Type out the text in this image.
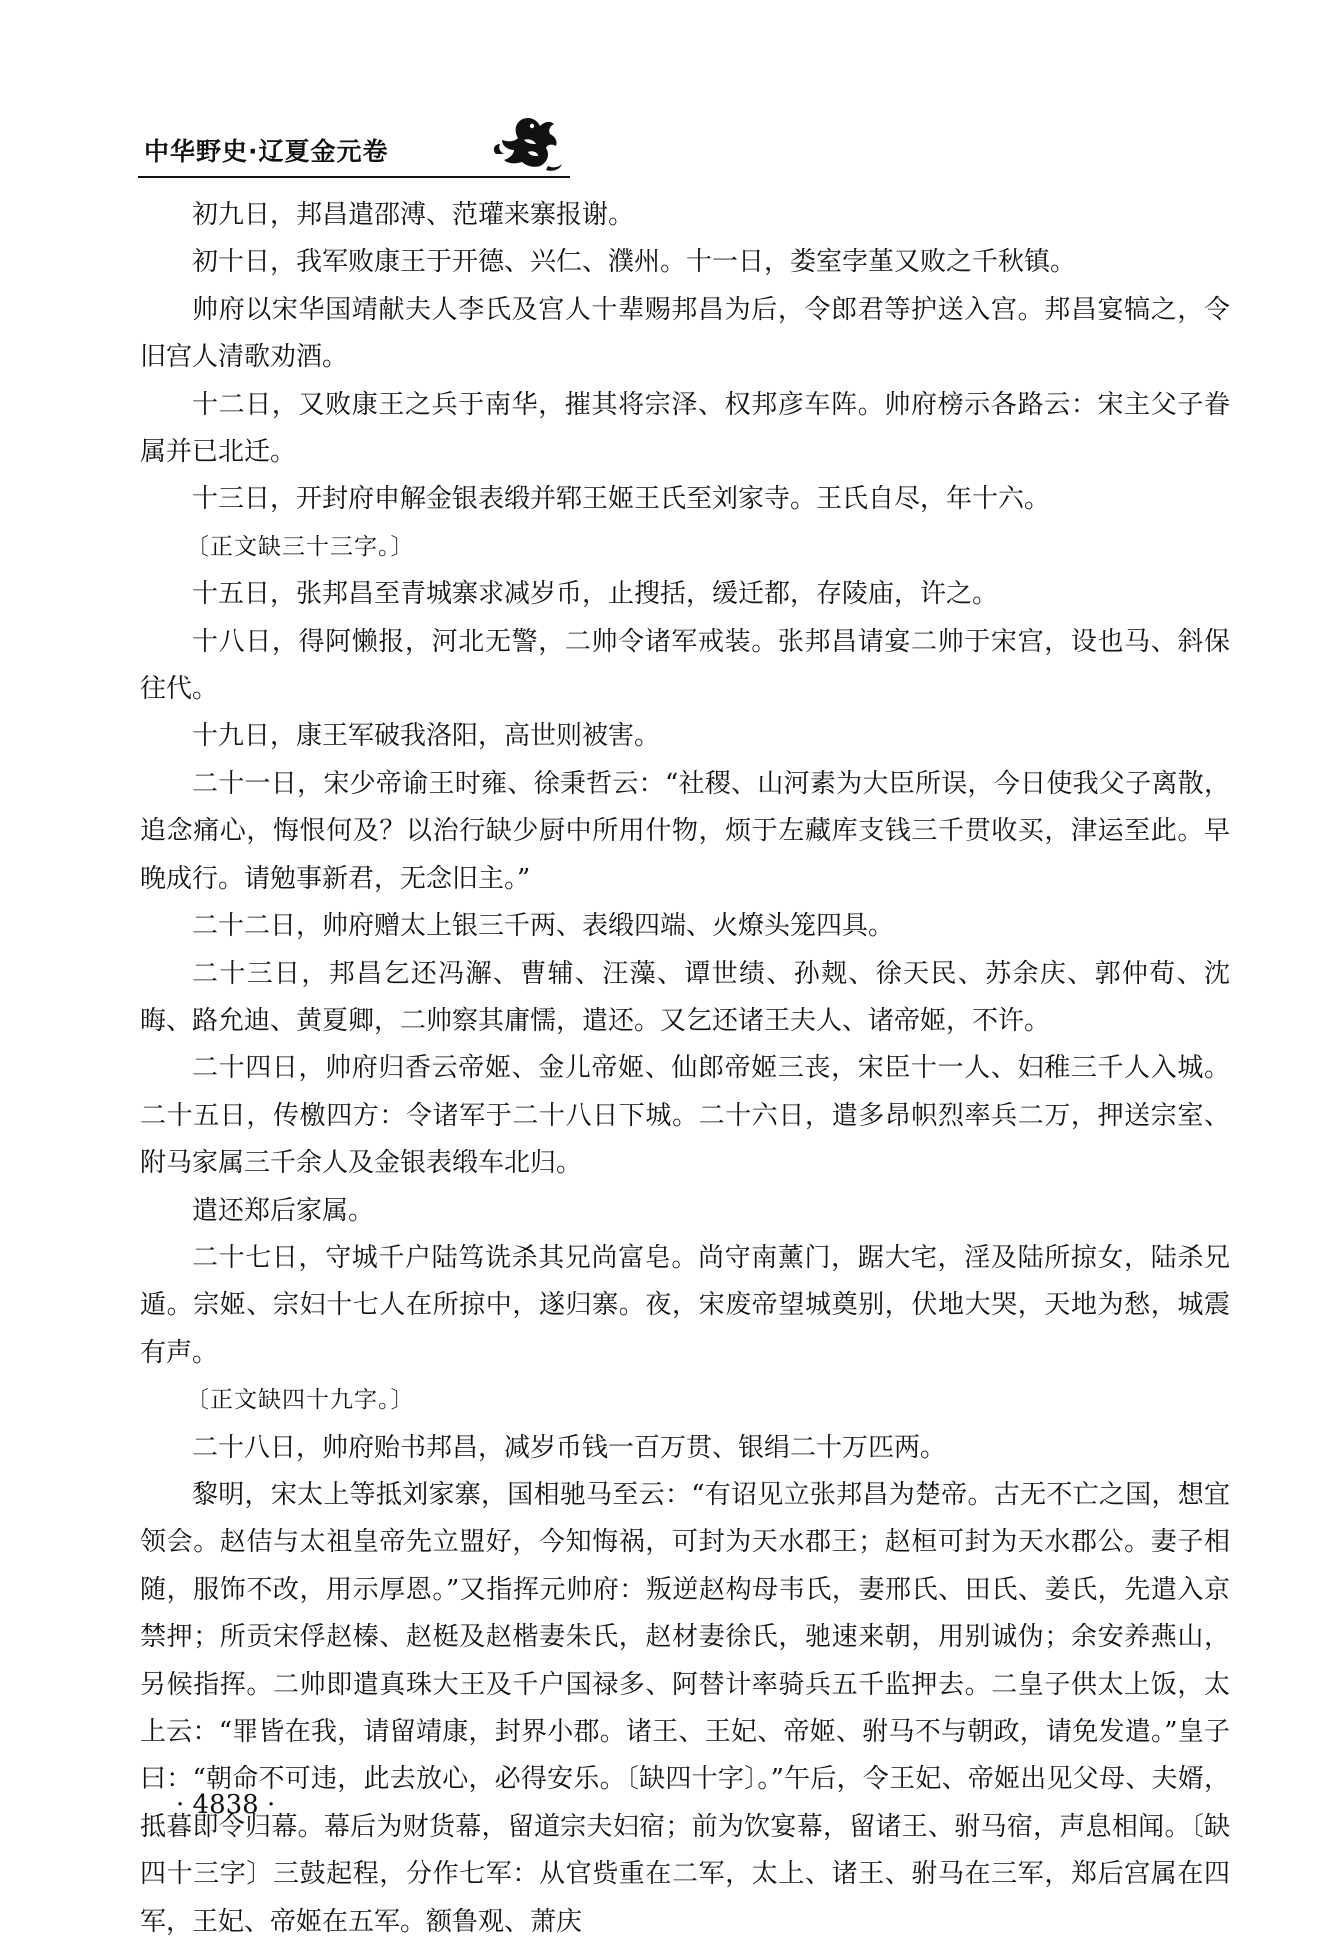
中华野史·辽夏金元卷

初九日，邦昌遣邵溥、范瓘来寨报谢。

初十日，我军败康王于开德、兴仁、濮州。十一日，娄室孛堇又败之千秋镇。

帅府以宋华国靖献夫人李氏及宫人十辈赐邦昌为后，令郎君等护送入宫。邦昌宴犒之，令旧宫人清歌劝酒。

十二日，又败康王之兵于南华，摧其将宗泽、权邦彦车阵。帅府榜示各路云：宋主父子眷属并已北迁。

十三日，开封府申解金银表缎并郓王姬王氏至刘家寺。王氏自尽，年十六。

〔正文缺三十三字。〕

十五日，张邦昌至青城寨求减岁币，止搜括，缓迁都，存陵庙，许之。

十八日，得阿懒报，河北无警，二帅令诸军戒装。张邦昌请宴二帅于宋宫，设也马、斜保往代。

十九日，康王军破我洛阳，高世则被害。

二十一日，宋少帝谕王时雍、徐秉哲云：“社稷、山河素为大臣所误，今日使我父子离散，追念痛心，悔恨何及？以治行缺少厨中所用什物，烦于左藏库支钱三千贯收买，津运至此。早晚成行。请勉事新君，无念旧主。”

二十二日，帅府赠太上银三千两、表缎四端、火燎头笼四具。

二十三日，邦昌乞还冯澥、曹辅、汪藻、谭世绩、孙觌、徐天民、苏余庆、郭仲荀、沈晦、路允迪、黄夏卿，二帅察其庸懦，遣还。又乞还诸王夫人、诸帝姬，不许。

二十四日，帅府归香云帝姬、金儿帝姬、仙郎帝姬三丧，宋臣十一人、妇稚三千人入城。二十五日，传檄四方：令诸军于二十八日下城。二十六日，遣多昂帜烈率兵二万，押送宗室、附马家属三千余人及金银表缎车北归。

遣还郑后家属。

二十七日，守城千户陆笃诜杀其兄尚富皂。尚守南薰门，踞大宅，淫及陆所掠女，陆杀兄遁。宗姬、宗妇十七人在所掠中，遂归寨。夜，宋废帝望城奠别，伏地大哭，天地为愁，城震有声。

〔正文缺四十九字。〕

二十八日，帅府贻书邦昌，减岁币钱一百万贯、银绢二十万匹两。

黎明，宋太上等抵刘家寨，国相驰马至云：“有诏见立张邦昌为楚帝。古无不亡之国，想宜领会。赵佶与太祖皇帝先立盟好，今知悔祸，可封为天水郡王；赵桓可封为天水郡公。妻子相随，服饰不改，用示厚恩。”又指挥元帅府：叛逆赵构母韦氏，妻邢氏、田氏、姜氏，先遣入京禁押；所贡宋俘赵榛、赵梃及赵楷妻朱氏，赵材妻徐氏，驰速来朝，用别诚伪；余安养燕山，另候指挥。二帅即遣真珠大王及千户国禄多、阿替计率骑兵五千监押去。二皇子供太上饭，太上云：“罪皆在我，请留靖康，封界小郡。诸王、王妃、帝姬、驸马不与朝政，请免发遣。”皇子曰：“朝命不可违，此去放心，必得安乐。〔缺四十字〕。”午后，令王妃、帝姬出见父母、夫婿，抵暮即令归幕。幕后为财货幕，留道宗夫妇宿；前为饮宴幕，留诸王、驸马宿，声息相闻。〔缺四十三字〕三鼓起程，分作七军：从官赀重在二军，太上、诸王、驸马在三军，郑后宫属在四军，王妃、帝姬在五军。额鲁观、萧庆

· 4838 ·
